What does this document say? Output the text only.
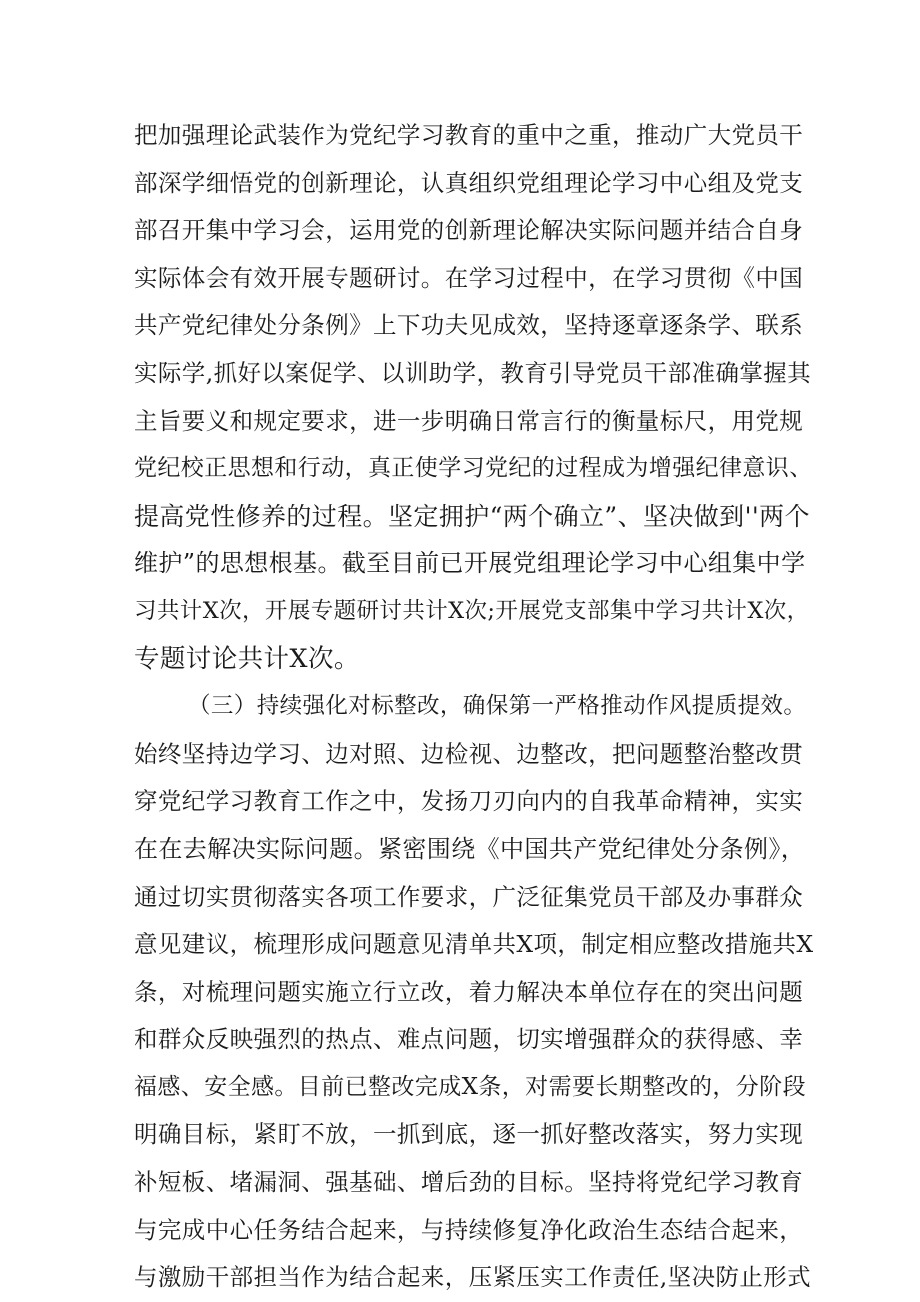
把加强理论武装作为党纪学习教育的重中之重，推动广大党员干
部深学细悟党的创新理论，认真组织党组理论学习中心组及党支
部召开集中学习会，运用党的创新理论解决实际问题并结合自身
实际体会有效开展专题研讨。在学习过程中，在学习贯彻《中国
共产党纪律处分条例》上下功夫见成效，坚持逐章逐条学、联系
实际学,抓好以案促学、以训助学，教育引导党员干部准确掌握其
主旨要义和规定要求，进一步明确日常言行的衡量标尺，用党规
党纪校正思想和行动，真正使学习党纪的过程成为增强纪律意识、
提高党性修养的过程。坚定拥护“两个确立”、坚决做到''两个
维护”的思想根基。截至目前已开展党组理论学习中心组集中学
习共计X次，开展专题研讨共计X次;开展党支部集中学习共计X次，
专题讨论共计X次。
（三）持续强化对标整改，确保第一严格推动作风提质提效。
始终坚持边学习、边对照、边检视、边整改，把问题整治整改贯
穿党纪学习教育工作之中，发扬刀刃向内的自我革命精神，实实
在在去解决实际问题。紧密围绕《中国共产党纪律处分条例》，
通过切实贯彻落实各项工作要求，广泛征集党员干部及办事群众
意见建议，梳理形成问题意见清单共X项，制定相应整改措施共X
条，对梳理问题实施立行立改，着力解决本单位存在的突出问题
和群众反映强烈的热点、难点问题，切实增强群众的获得感、幸
福感、安全感。目前已整改完成X条，对需要长期整改的，分阶段
明确目标，紧盯不放，一抓到底，逐一抓好整改落实，努力实现
补短板、堵漏洞、强基础、增后劲的目标。坚持将党纪学习教育
与完成中心任务结合起来，与持续修复净化政治生态结合起来，
与激励干部担当作为结合起来，压紧压实工作责任,坚决防止形式
